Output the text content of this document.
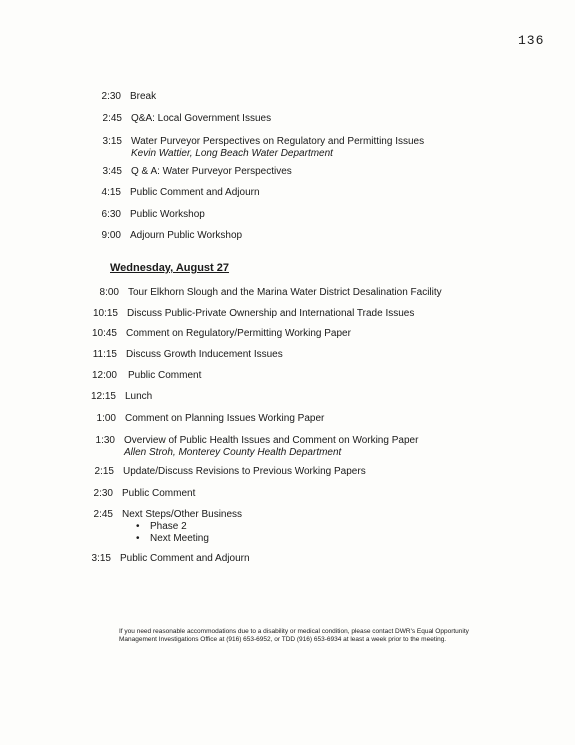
136
2:30 Break
2:45 Q&A: Local Government Issues
3:15 Water Purveyor Perspectives on Regulatory and Permitting Issues
Kevin Wattier, Long Beach Water Department
3:45 Q & A: Water Purveyor Perspectives
4:15 Public Comment and Adjourn
6:30 Public Workshop
9:00 Adjourn Public Workshop
Wednesday, August 27
8:00 Tour Elkhorn Slough and the Marina Water District Desalination Facility
10:15 Discuss Public-Private Ownership and International Trade Issues
10:45 Comment on Regulatory/Permitting Working Paper
11:15 Discuss Growth Inducement Issues
12:00 Public Comment
12:15 Lunch
1:00 Comment on Planning Issues Working Paper
1:30 Overview of Public Health Issues and Comment on Working Paper
Allen Stroh, Monterey County Health Department
2:15 Update/Discuss Revisions to Previous Working Papers
2:30 Public Comment
2:45 Next Steps/Other Business
• Phase 2
• Next Meeting
3:15 Public Comment and Adjourn
If you need reasonable accommodations due to a disability or medical condition, please contact DWR's Equal Opportunity Management Investigations Office at (916) 653-6952, or TDD (916) 653-6934 at least a week prior to the meeting.
